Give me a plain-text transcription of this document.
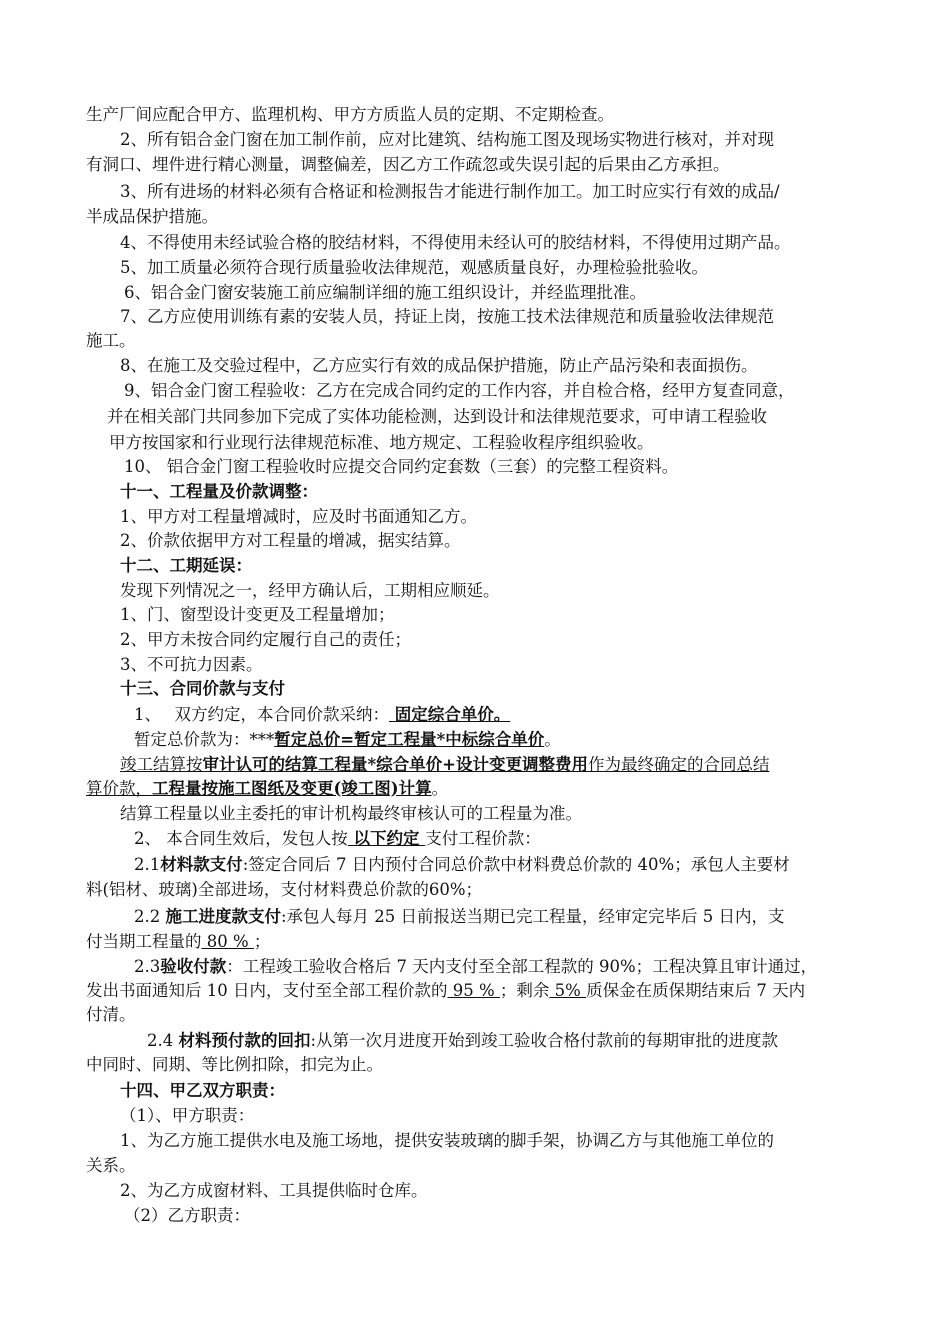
生产厂间应配合甲方、监理机构、甲方方质监人员的定期、不定期检查。
2、所有铝合金门窗在加工制作前，应对比建筑、结构施工图及现场实物进行核对，并对现
有洞口、埋件进行精心测量，调整偏差，因乙方工作疏忽或失误引起的后果由乙方承担。
3、所有进场的材料必须有合格证和检测报告才能进行制作加工。加工时应实行有效的成品/
半成品保护措施。
4、不得使用未经试验合格的胶结材料，不得使用未经认可的胶结材料，不得使用过期产品。
5、加工质量必须符合现行质量验收法律规范，观感质量良好，办理检验批验收。
6、铝合金门窗安装施工前应编制详细的施工组织设计，并经监理批准。
7、乙方应使用训练有素的安装人员，持证上岗，按施工技术法律规范和质量验收法律规范
施工。
8、在施工及交验过程中，乙方应实行有效的成品保护措施，防止产品污染和表面损伤。
9、铝合金门窗工程验收：乙方在完成合同约定的工作内容，并自检合格，经甲方复查同意，
并在相关部门共同参加下完成了实体功能检测，达到设计和法律规范要求，可申请工程验收
甲方按国家和行业现行法律规范标准、地方规定、工程验收程序组织验收。
10、 铝合金门窗工程验收时应提交合同约定套数（三套）的完整工程资料。
十一、工程量及价款调整：
1、甲方对工程量增减时，应及时书面通知乙方。
2、价款依据甲方对工程量的增减，据实结算。
十二、工期延误：
发现下列情况之一，经甲方确认后，工期相应顺延。
1、门、窗型设计变更及工程量增加；
2、甲方未按合同约定履行自己的责任；
3、不可抗力因素。
十三、合同价款与支付
1、　 双方约定，本合同价款采纳： 固定综合单价。
暂定总价款为：***暂定总价=暂定工程量*中标综合单价。
竣工结算按审计认可的结算工程量*综合单价+设计变更调整费用作为最终确定的合同总结
算价款，工程量按施工图纸及变更(竣工图)计算。
结算工程量以业主委托的审计机构最终审核认可的工程量为准。
2、 本合同生效后，发包人按 以下约定 支付工程价款：
2.1材料款支付:签定合同后 7 日内预付合同总价款中材料费总价款的 40%；承包人主要材
料(铝材、玻璃)全部进场，支付材料费总价款的60%；
2.2 施工进度款支付:承包人每月 25 日前报送当期已完工程量，经审定完毕后 5 日内，支
付当期工程量的 80 % ；
2.3验收付款：工程竣工验收合格后 7 天内支付至全部工程款的 90%；工程决算且审计通过，
发出书面通知后 10 日内，支付至全部工程价款的 95 % ；剩余 5% 质保金在质保期结束后 7 天内
付清。
2.4 材料预付款的回扣:从第一次月进度开始到竣工验收合格付款前的每期审批的进度款
中同时、同期、等比例扣除，扣完为止。
十四、甲乙双方职责：
（1）、甲方职责：
1、为乙方施工提供水电及施工场地，提供安装玻璃的脚手架，协调乙方与其他施工单位的
关系。
2、为乙方成窗材料、工具提供临时仓库。
（2）乙方职责：
